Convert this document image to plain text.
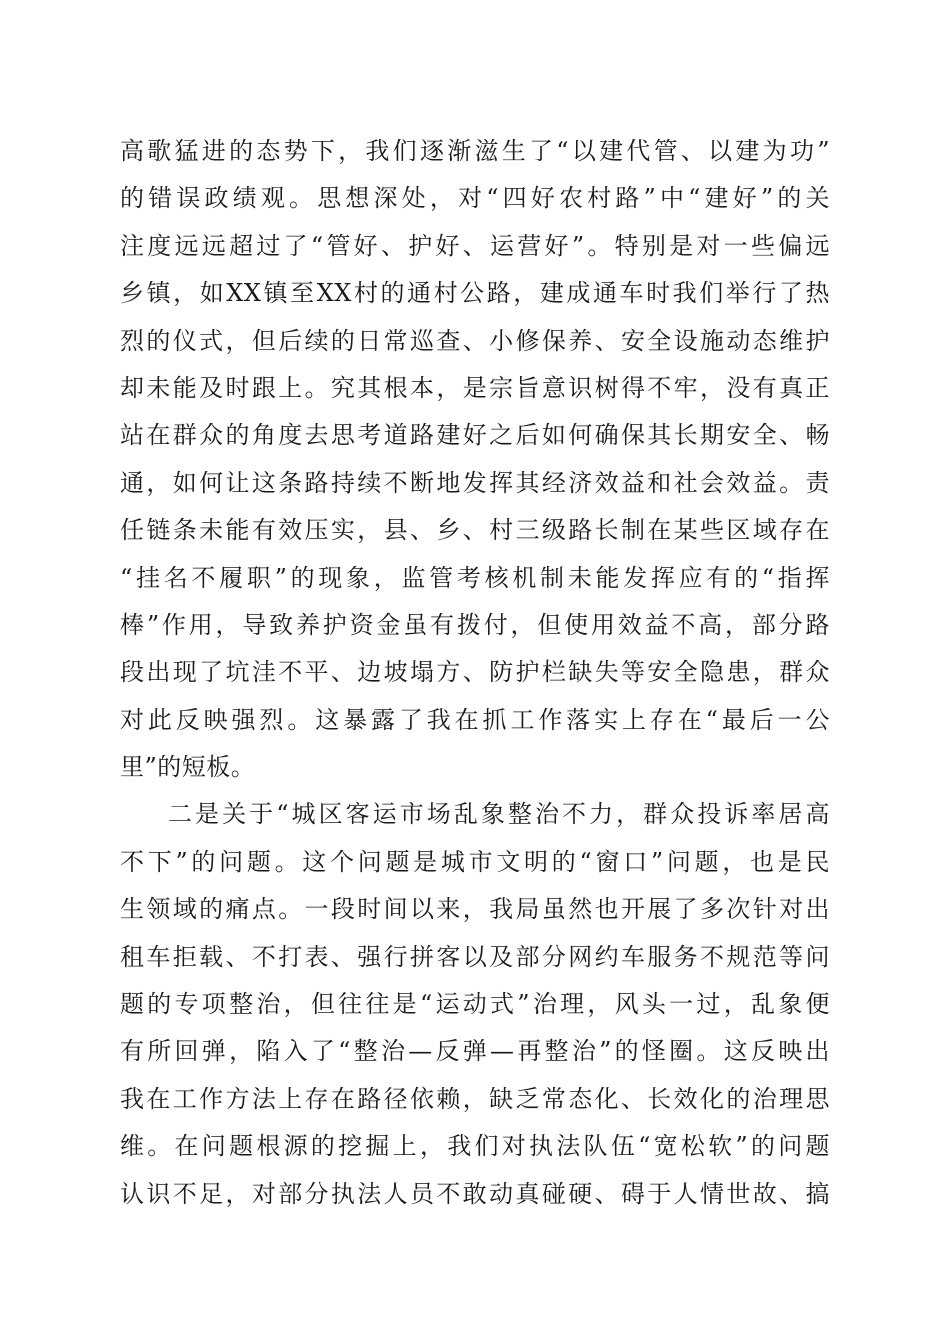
高歌猛进的态势下，我们逐渐滋生了“以建代管、以建为功”
的错误政绩观。思想深处，对“四好农村路”中“建好”的关
注度远远超过了“管好、护好、运营好”。特别是对一些偏远
乡镇，如XX镇至XX村的通村公路，建成通车时我们举行了热
烈的仪式，但后续的日常巡查、小修保养、安全设施动态维护
却未能及时跟上。究其根本，是宗旨意识树得不牢，没有真正
站在群众的角度去思考道路建好之后如何确保其长期安全、畅
通，如何让这条路持续不断地发挥其经济效益和社会效益。责
任链条未能有效压实，县、乡、村三级路长制在某些区域存在
“挂名不履职”的现象，监管考核机制未能发挥应有的“指挥
棒”作用，导致养护资金虽有拨付，但使用效益不高，部分路
段出现了坑洼不平、边坡塌方、防护栏缺失等安全隐患，群众
对此反映强烈。这暴露了我在抓工作落实上存在“最后一公
里”的短板。
二是关于“城区客运市场乱象整治不力，群众投诉率居高
不下”的问题。这个问题是城市文明的“窗口”问题，也是民
生领域的痛点。一段时间以来，我局虽然也开展了多次针对出
租车拒载、不打表、强行拼客以及部分网约车服务不规范等问
题的专项整治，但往往是“运动式”治理，风头一过，乱象便
有所回弹，陷入了“整治—反弹—再整治”的怪圈。这反映出
我在工作方法上存在路径依赖，缺乏常态化、长效化的治理思
维。在问题根源的挖掘上，我们对执法队伍“宽松软”的问题
认识不足，对部分执法人员不敢动真碰硬、碍于人情世故、搞
